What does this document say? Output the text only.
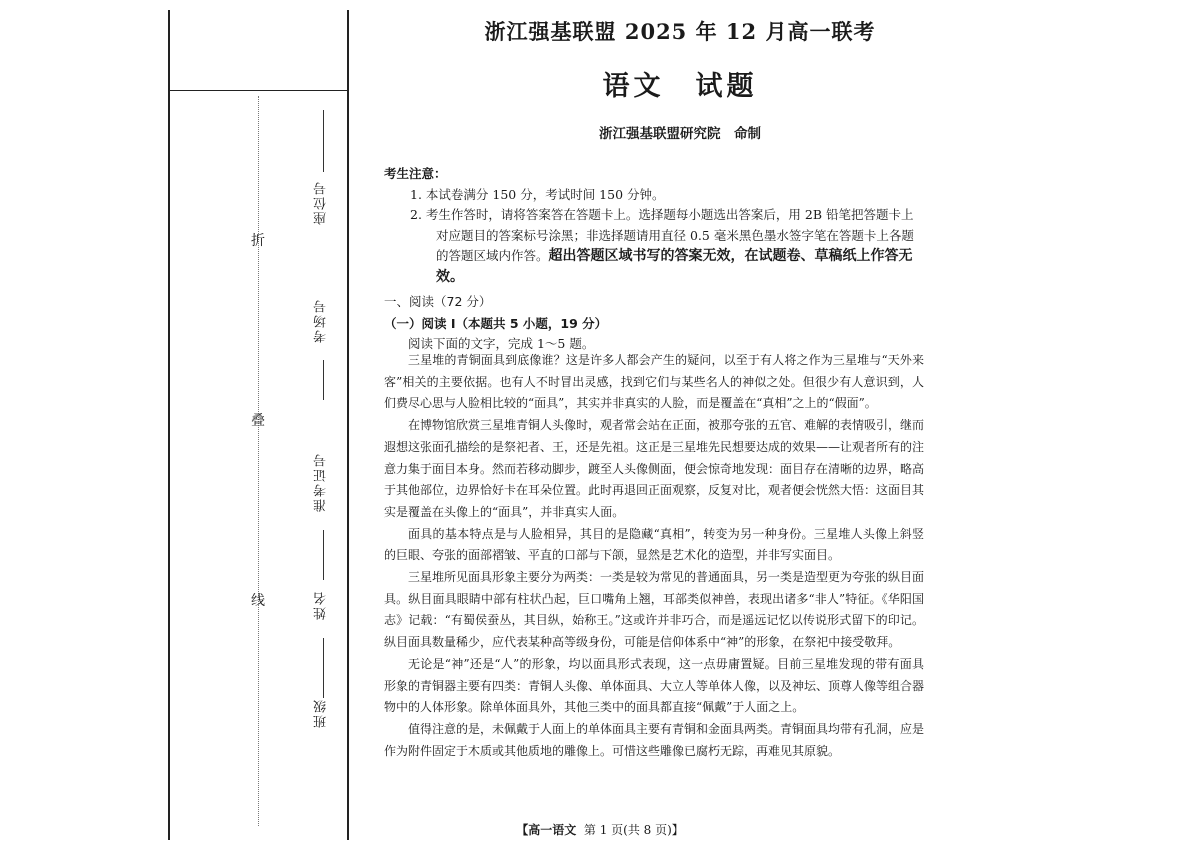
折
叠
线
座位号
考场号
准考证号
姓名
班级
浙江强基联盟 2025 年 12 月高一联考
语文　试题
浙江强基联盟研究院　命制
考生注意：
1. 本试卷满分 150 分，考试时间 150 分钟。
2. 考生作答时，请将答案答在答题卡上。选择题每小题选出答案后，用 2B 铅笔把答题卡上对应题目的答案标号涂黑；非选择题请用直径 0.5 毫米黑色墨水签字笔在答题卡上各题的答题区域内作答。超出答题区域书写的答案无效，在试题卷、草稿纸上作答无效。
一、阅读（72 分）
（一）阅读 Ⅰ（本题共 5 小题，19 分）
阅读下面的文字，完成 1～5 题。

三星堆的青铜面具到底像谁？这是许多人都会产生的疑问，以至于有人将之作为三星堆与“天外来客”相关的主要依据。也有人不时冒出灵感，找到它们与某些名人的神似之处。但很少有人意识到，人们费尽心思与人脸相比较的“面具”，其实并非真实的人脸，而是覆盖在“真相”之上的“假面”。

在博物馆欣赏三星堆青铜人头像时，观者常会站在正面，被那夸张的五官、难解的表情吸引，继而遐想这张面孔描绘的是祭祀者、王，还是先祖。这正是三星堆先民想要达成的效果——让观者所有的注意力集于面目本身。然而若移动脚步，踱至人头像侧面，便会惊奇地发现：面目存在清晰的边界，略高于其他部位，边界恰好卡在耳朵位置。此时再退回正面观察，反复对比，观者便会恍然大悟：这面目其实是覆盖在头像上的“面具”，并非真实人面。

面具的基本特点是与人脸相异，其目的是隐藏“真相”，转变为另一种身份。三星堆人头像上斜竖的巨眼、夸张的面部褶皱、平直的口部与下颌，显然是艺术化的造型，并非写实面目。

三星堆所见面具形象主要分为两类：一类是较为常见的普通面具，另一类是造型更为夸张的纵目面具。纵目面具眼睛中部有柱状凸起，巨口嘴角上翘，耳部类似神兽，表现出诸多“非人”特征。《华阳国志》记载：“有蜀侯蚕丛，其目纵，始称王。”这或许并非巧合，而是遥远记忆以传说形式留下的印记。纵目面具数量稀少，应代表某种高等级身份，可能是信仰体系中“神”的形象，在祭祀中接受敬拜。

无论是“神”还是“人”的形象，均以面具形式表现，这一点毋庸置疑。目前三星堆发现的带有面具形象的青铜器主要有四类：青铜人头像、单体面具、大立人等单体人像，以及神坛、顶尊人像等组合器物中的人体形象。除单体面具外，其他三类中的面具都直接“佩戴”于人面之上。

值得注意的是，未佩戴于人面上的单体面具主要有青铜和金面具两类。青铜面具均带有孔洞，应是作为附件固定于木质或其他质地的雕像上。可惜这些雕像已腐朽无踪，再难见其原貌。

【高一语文 第 1 页(共 8 页)】
